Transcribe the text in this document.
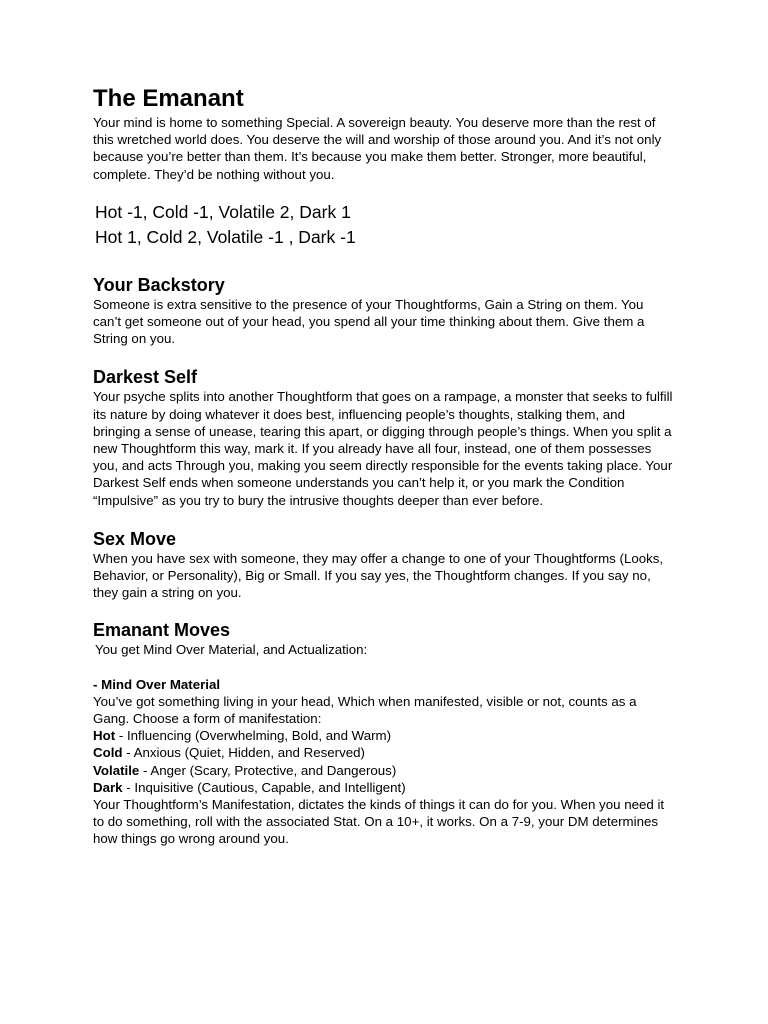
The Emanant

Your mind is home to something Special. A sovereign beauty. You deserve more than the rest of this wretched world does. You deserve the will and worship of those around you. And it’s not only because you’re better than them. It’s because you make them better. Stronger, more beautiful, complete. They’d be nothing without you.

Hot -1, Cold -1, Volatile 2, Dark 1
Hot 1, Cold 2, Volatile -1 , Dark -1
Your Backstory

Someone is extra sensitive to the presence of your Thoughtforms, Gain a String on them. You can’t get someone out of your head, you spend all your time thinking about them. Give them a String on you.

Darkest Self

Your psyche splits into another Thoughtform that goes on a rampage, a monster that seeks to fulfill its nature by doing whatever it does best, influencing people’s thoughts, stalking them, and bringing a sense of unease, tearing this apart, or digging through people’s things. When you split a new Thoughtform this way, mark it. If you already have all four, instead, one of them possesses you, and acts Through you, making you seem directly responsible for the events taking place. Your Darkest Self ends when someone understands you can’t help it, or you mark the Condition “Impulsive” as you try to bury the intrusive thoughts deeper than ever before.

Sex Move

When you have sex with someone, they may offer a change to one of your Thoughtforms (Looks, Behavior, or Personality), Big or Small. If you say yes, the Thoughtform changes. If you say no, they gain a string on you.

Emanant Moves

You get Mind Over Material, and Actualization:

- Mind Over Material

You’ve got something living in your head, Which when manifested, visible or not, counts as a Gang. Choose a form of manifestation:

Hot - Influencing (Overwhelming, Bold, and Warm)

Cold - Anxious (Quiet, Hidden, and Reserved)

Volatile - Anger (Scary, Protective, and Dangerous)

Dark - Inquisitive (Cautious, Capable, and Intelligent)

Your Thoughtform’s Manifestation, dictates the kinds of things it can do for you. When you need it to do something, roll with the associated Stat. On a 10+, it works. On a 7-9, your DM determines how things go wrong around you.
